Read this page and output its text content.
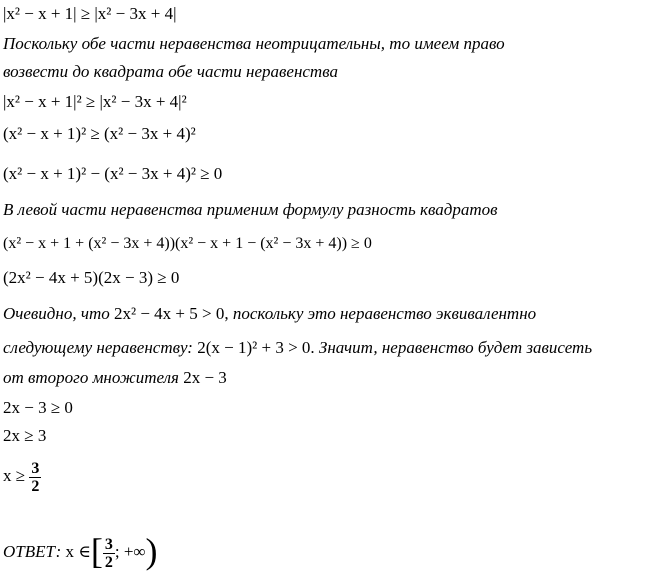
|x² − x + 1| ≥ |x² − 3x + 4|
Поскольку обе части неравенства неотрицательны, то имеем право
возвести до квадрата обе части неравенства
|x² − x + 1|² ≥ |x² − 3x + 4|²
(x² − x + 1)² ≥ (x² − 3x + 4)²
(x² − x + 1)² − (x² − 3x + 4)² ≥ 0
В левой части неравенства применим формулу разность квадратов
(x² − x + 1 + (x² − 3x + 4))(x² − x + 1 − (x² − 3x + 4)) ≥ 0
(2x² − 4x + 5)(2x − 3) ≥ 0
Очевидно, что 2x² − 4x + 5 > 0, поскольку это неравенство эквивалентно
следующему неравенству: 2(x − 1)² + 3 > 0. Значит, неравенство будет зависеть
от второго множителя 2x − 3
2x − 3 ≥ 0
2x ≥ 3
$x \ge \frac{3}{2}$
ОТВЕТ: x ∈[ $\frac{3}{2}$ ; +∞)
